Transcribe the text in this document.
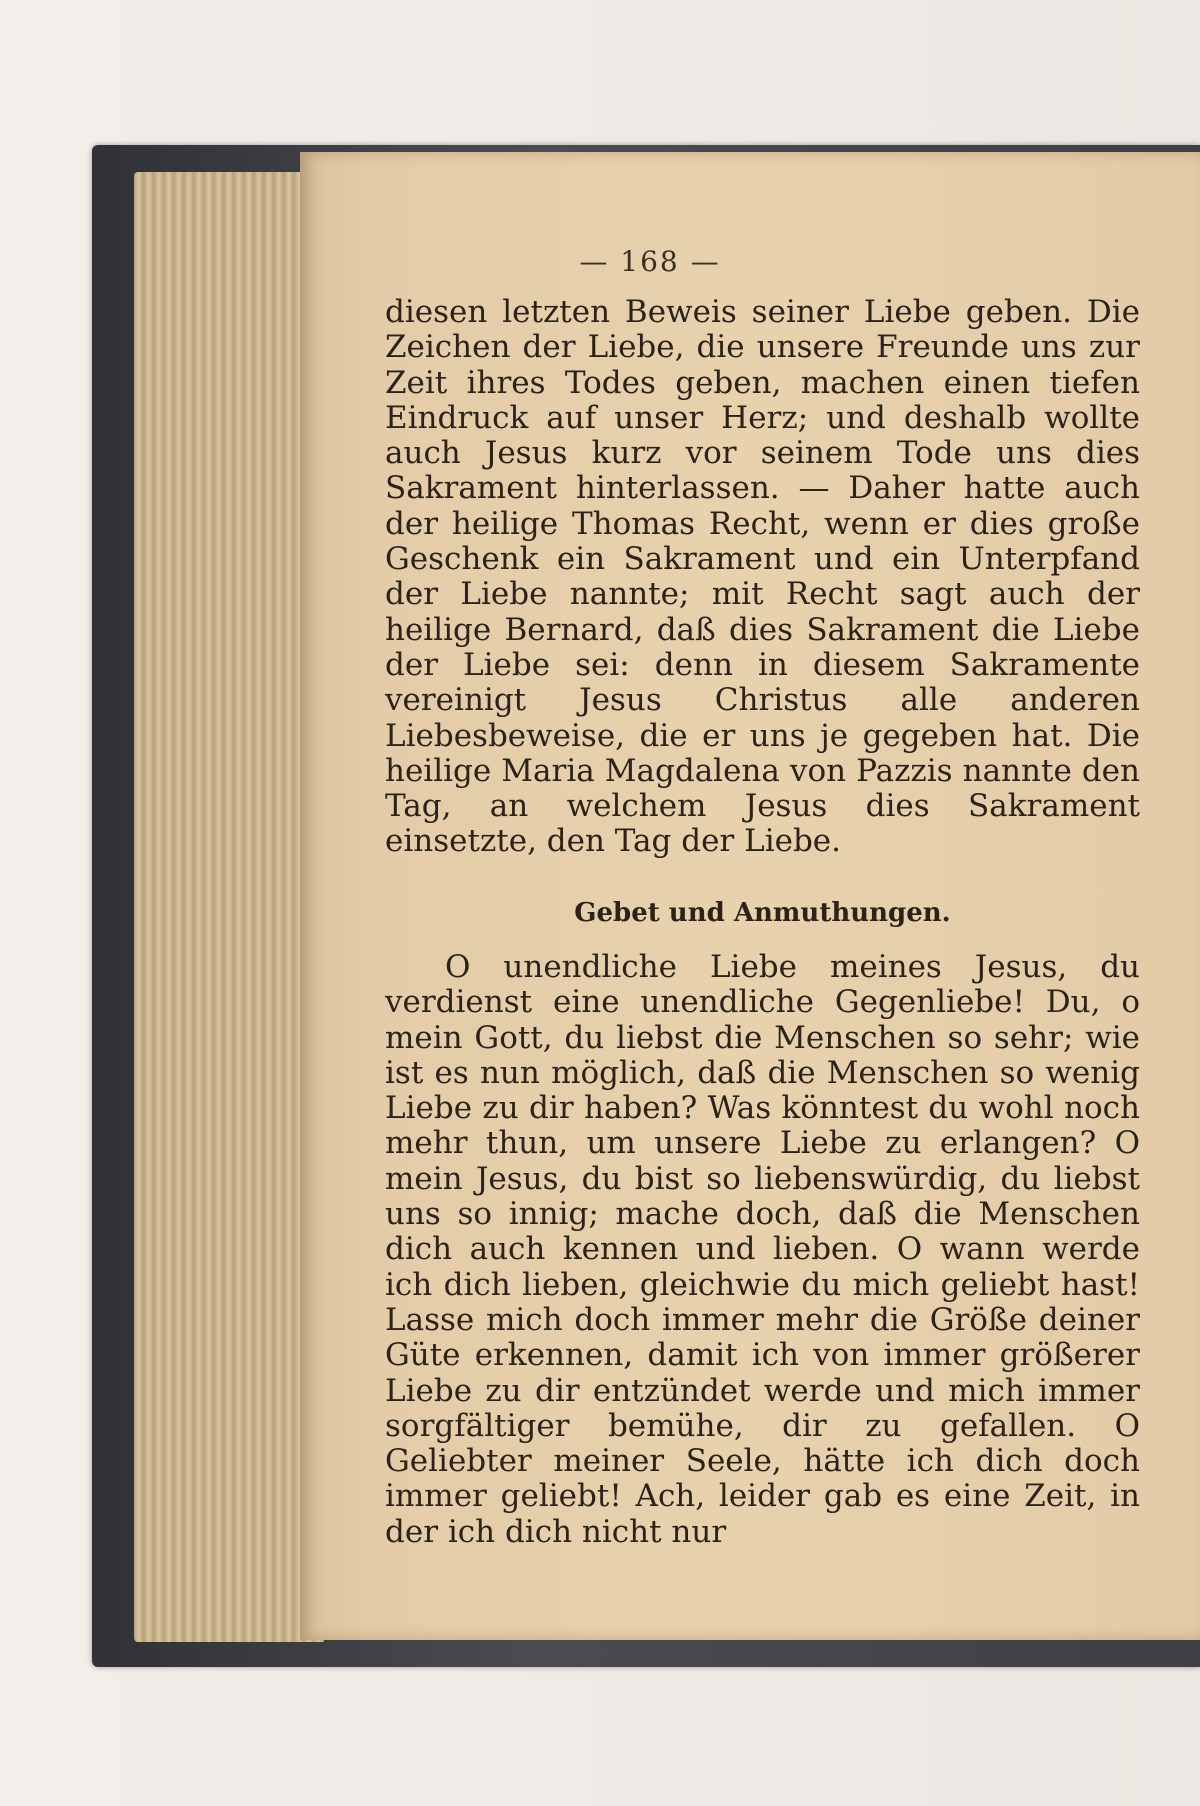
— 168 —

diesen letzten Beweis seiner Liebe geben. Die Zeichen der Liebe, die unsere Freunde uns zur Zeit ihres Todes geben, machen einen tiefen Eindruck auf unser Herz; und deshalb wollte auch Jesus kurz vor seinem Tode uns dies Sakrament hinterlassen. — Daher hatte auch der heilige Thomas Recht, wenn er dies große Geschenk ein Sakrament und ein Unterpfand der Liebe nannte; mit Recht sagt auch der heilige Bernard, daß dies Sakrament die Liebe der Liebe sei: denn in diesem Sakramente vereinigt Jesus Christus alle anderen Liebesbeweise, die er uns je gegeben hat. Die heilige Maria Magdalena von Pazzis nannte den Tag, an welchem Jesus dies Sakrament einsetzte, den Tag der Liebe.

Gebet und Anmuthungen.
O unendliche Liebe meines Jesus, du verdienst eine unendliche Gegenliebe! Du, o mein Gott, du liebst die Menschen so sehr; wie ist es nun möglich, daß die Menschen so wenig Liebe zu dir haben? Was könntest du wohl noch mehr thun, um unsere Liebe zu erlangen? O mein Jesus, du bist so liebenswürdig, du liebst uns so innig; mache doch, daß die Menschen dich auch kennen und lieben. O wann werde ich dich lieben, gleichwie du mich geliebt hast! Lasse mich doch immer mehr die Größe deiner Güte erkennen, damit ich von immer größerer Liebe zu dir entzündet werde und mich immer sorgfältiger bemühe, dir zu gefallen. O Geliebter meiner Seele, hätte ich dich doch immer geliebt! Ach, leider gab es eine Zeit, in der ich dich nicht nur
